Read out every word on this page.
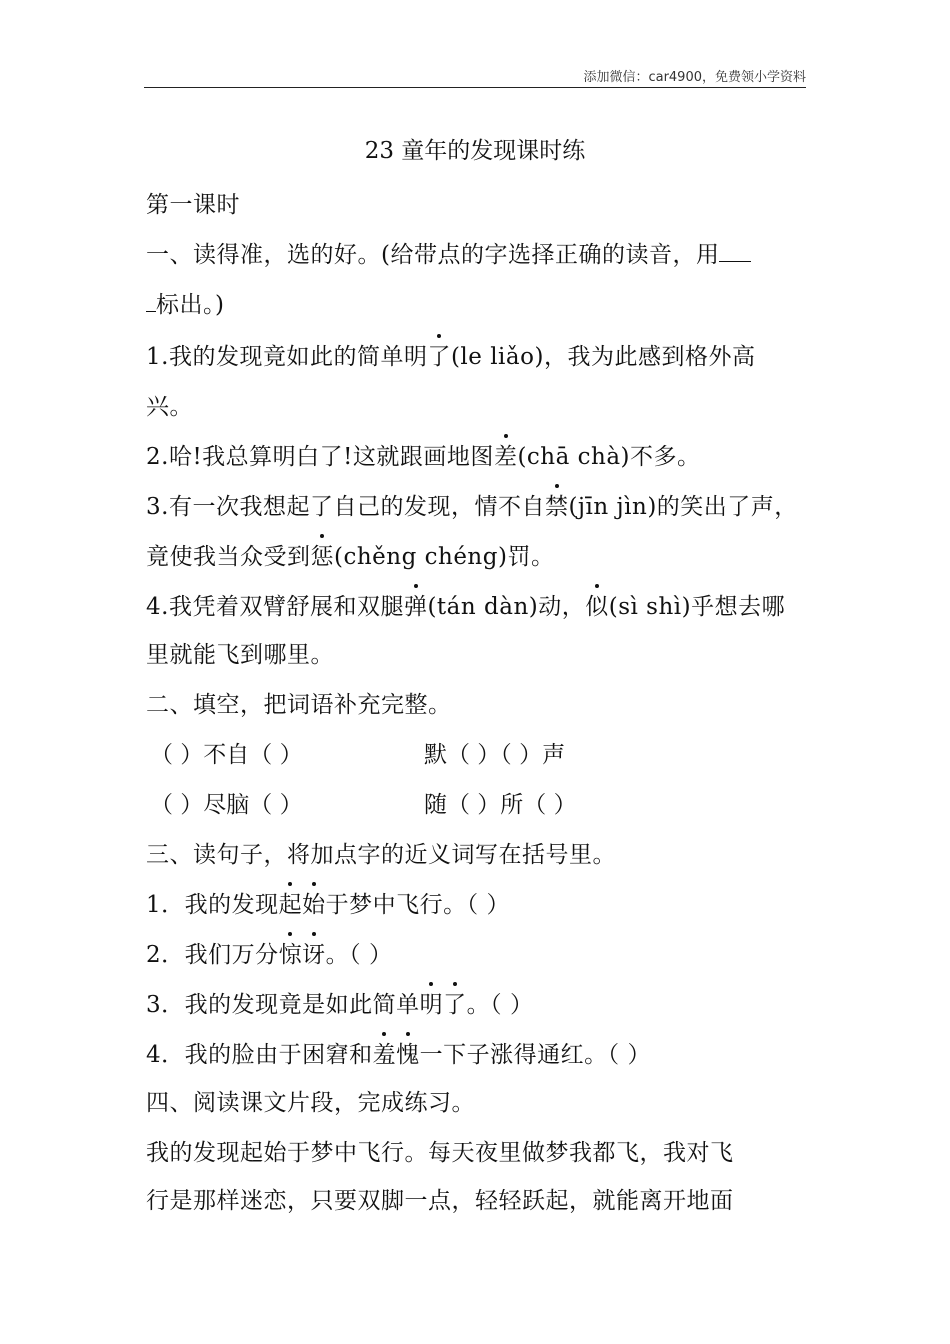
添加微信：car4900，免费领小学资料
23 童年的发现课时练
第一课时
一、读得准，选的好。(给带点的字选择正确的读音，用
标出。)
1.我的发现竟如此的简单明了(le liǎo)，我为此感到格外高
兴。
2.哈!我总算明白了!这就跟画地图差(chā chà)不多。
3.有一次我想起了自己的发现，情不自禁(jīn jìn)的笑出了声，
竟使我当众受到惩(chěng chéng)罚。
4.我凭着双臂舒展和双腿弹(tán dàn)动，似(sì shì)乎想去哪
里就能飞到哪里。
二、填空，把词语补充完整。
（ ）不自（ ）	默（ ）（ ）声
（ ）尽脑（ ）	随（ ）所（ ）
三、读句子，将加点字的近义词写在括号里。
1．我的发现起始于梦中飞行。（ ）
2．我们万分惊讶。（ ）
3．我的发现竟是如此简单明了。（ ）
4．我的脸由于困窘和羞愧一下子涨得通红。（ ）
四、阅读课文片段，完成练习。
我的发现起始于梦中飞行。每天夜里做梦我都飞，我对飞
行是那样迷恋，只要双脚一点，轻轻跃起，就能离开地面
